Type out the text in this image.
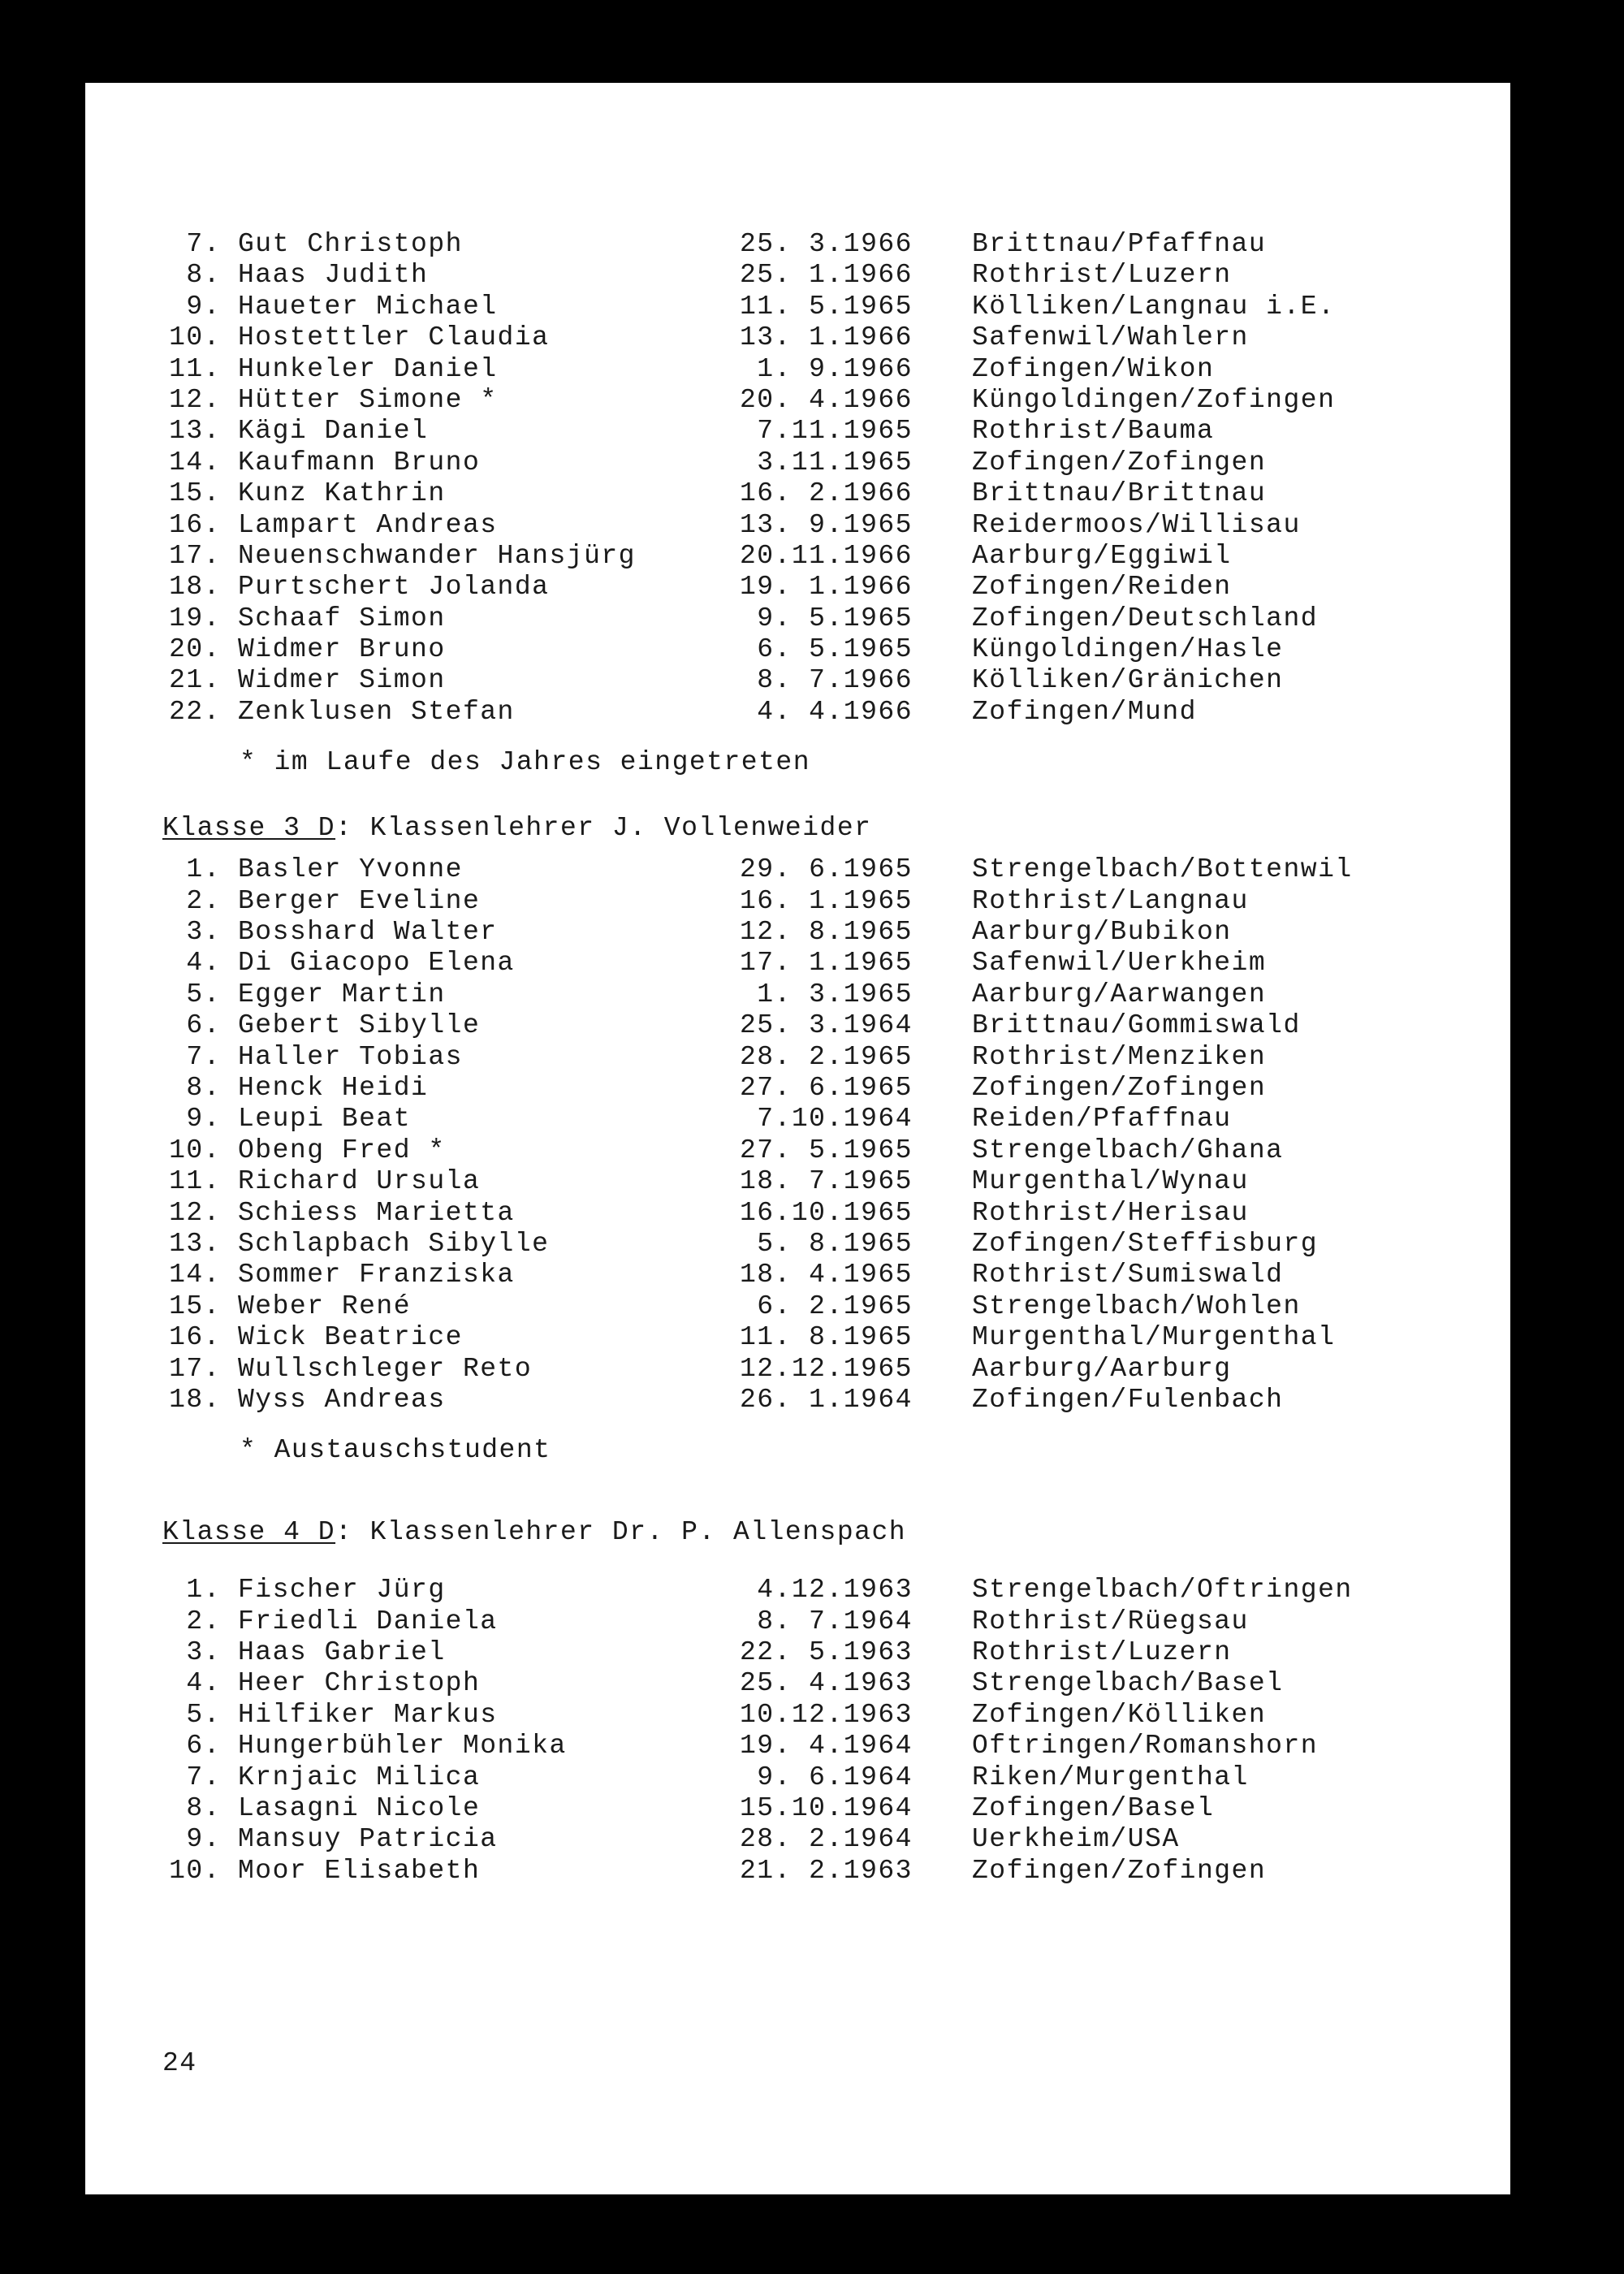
7. Gut Christoph	25. 3.1966 Brittnau/Pfaffnau
8. Haas Judith	25. 1.1966 Rothrist/Luzern
9. Haueter Michael	11. 5.1965 Kölliken/Langnau i.E.
10. Hostettler Claudia	13. 1.1966 Safenwil/Wahlern
11. Hunkeler Daniel	1. 9.1966 Zofingen/Wikon
12. Hütter Simone *	20. 4.1966 Küngoldingen/Zofingen
13. Kägi Daniel	7.11.1965 Rothrist/Bauma
14. Kaufmann Bruno	3.11.1965 Zofingen/Zofingen
15. Kunz Kathrin	16. 2.1966 Brittnau/Brittnau
16. Lampart Andreas	13. 9.1965 Reidermoos/Willisau
17. Neuenschwander Hansjürg	20.11.1966 Aarburg/Eggiwil
18. Purtschert Jolanda	19. 1.1966 Zofingen/Reiden
19. Schaaf Simon	9. 5.1965 Zofingen/Deutschland
20. Widmer Bruno	6. 5.1965 Küngoldingen/Hasle
21. Widmer Simon	8. 7.1966 Kölliken/Gränichen
22. Zenklusen Stefan	4. 4.1966 Zofingen/Mund
* im Laufe des Jahres eingetreten
Klasse 3 D: Klassenlehrer J. Vollenweider
1. Basler Yvonne	29. 6.1965 Strengelbach/Bottenwil
2. Berger Eveline	16. 1.1965 Rothrist/Langnau
3. Bosshard Walter	12. 8.1965 Aarburg/Bubikon
4. Di Giacopo Elena	17. 1.1965 Safenwil/Uerkheim
5. Egger Martin	1. 3.1965 Aarburg/Aarwangen
6. Gebert Sibylle	25. 3.1964 Brittnau/Gommiswald
7. Haller Tobias	28. 2.1965 Rothrist/Menziken
8. Henck Heidi	27. 6.1965 Zofingen/Zofingen
9. Leupi Beat	7.10.1964 Reiden/Pfaffnau
10. Obeng Fred *	27. 5.1965 Strengelbach/Ghana
11. Richard Ursula	18. 7.1965 Murgenthal/Wynau
12. Schiess Marietta	16.10.1965 Rothrist/Herisau
13. Schlapbach Sibylle	5. 8.1965 Zofingen/Steffisburg
14. Sommer Franziska	18. 4.1965 Rothrist/Sumiswald
15. Weber René	6. 2.1965 Strengelbach/Wohlen
16. Wick Beatrice	11. 8.1965 Murgenthal/Murgenthal
17. Wullschleger Reto	12.12.1965 Aarburg/Aarburg
18. Wyss Andreas	26. 1.1964 Zofingen/Fulenbach
* Austauschstudent
Klasse 4 D: Klassenlehrer Dr. P. Allenspach
1. Fischer Jürg	4.12.1963 Strengelbach/Oftringen
2. Friedli Daniela	8. 7.1964 Rothrist/Rüegsau
3. Haas Gabriel	22. 5.1963 Rothrist/Luzern
4. Heer Christoph	25. 4.1963 Strengelbach/Basel
5. Hilfiker Markus	10.12.1963 Zofingen/Kölliken
6. Hungerbühler Monika	19. 4.1964 Oftringen/Romanshorn
7. Krnjaic Milica	9. 6.1964 Riken/Murgenthal
8. Lasagni Nicole	15.10.1964 Zofingen/Basel
9. Mansuy Patricia	28. 2.1964 Uerkheim/USA
10. Moor Elisabeth	21. 2.1963 Zofingen/Zofingen
24
